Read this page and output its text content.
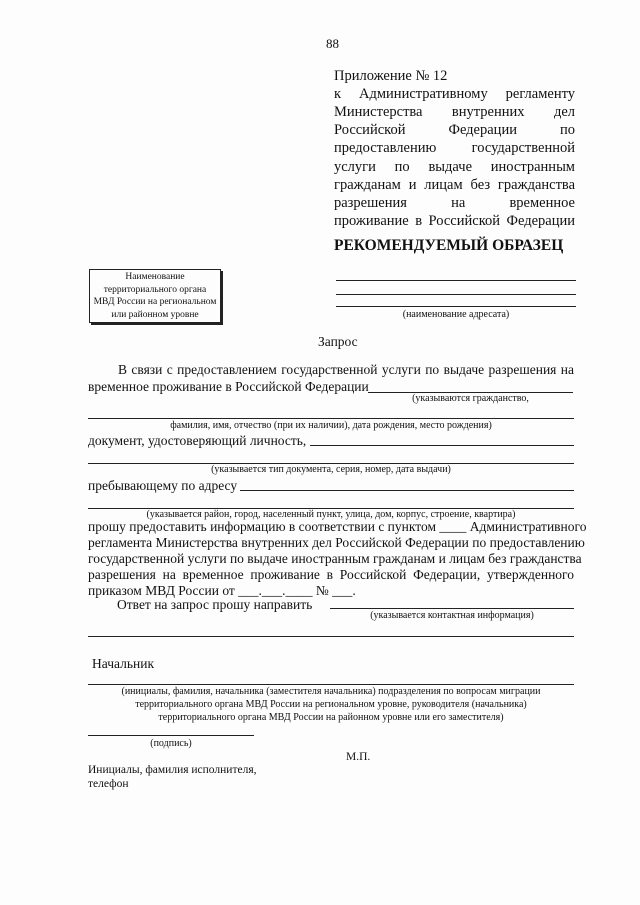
88
Приложение № 12
к Административному регламенту
Министерства внутренних дел
Российской Федерации по
предоставлению государственной
услуги по выдаче иностранным
гражданам и лицам без гражданства
разрешения на временное
проживание в Российской Федерации
РЕКОМЕНДУЕМЫЙ ОБРАЗЕЦ
Наименование
территориального органа
МВД России на региональном
или районном уровне	(наименование адресата)
Запрос
В связи с предоставлением государственной услуги по выдаче разрешения на
временное проживание в Российской Федерации
(указываются гражданство,
фамилия, имя, отчество (при их наличии), дата рождения, место рождения)
документ, удостоверяющий личность,
(указывается тип документа, серия, номер, дата выдачи)
пребывающему по адресу
(указывается район, город, населенный пункт, улица, дом, корпус, строение, квартира)
прошу предоставить информацию в соответствии с пунктом ____ Административного
регламента Министерства внутренних дел Российской Федерации по предоставлению
государственной услуги по выдаче иностранным гражданам и лицам без гражданства
разрешения на временное проживание в Российской Федерации, утвержденного
приказом МВД России от ___.___.____ № ___.
Ответ на запрос прошу направить
(указывается контактная информация)
Начальник
(инициалы, фамилия, начальника (заместителя начальника) подразделения по вопросам миграции
территориального органа МВД России на региональном уровне, руководителя (начальника)
территориального органа МВД России на районном уровне или его заместителя)
(подпись)
М.П.
Инициалы, фамилия исполнителя,
телефон
